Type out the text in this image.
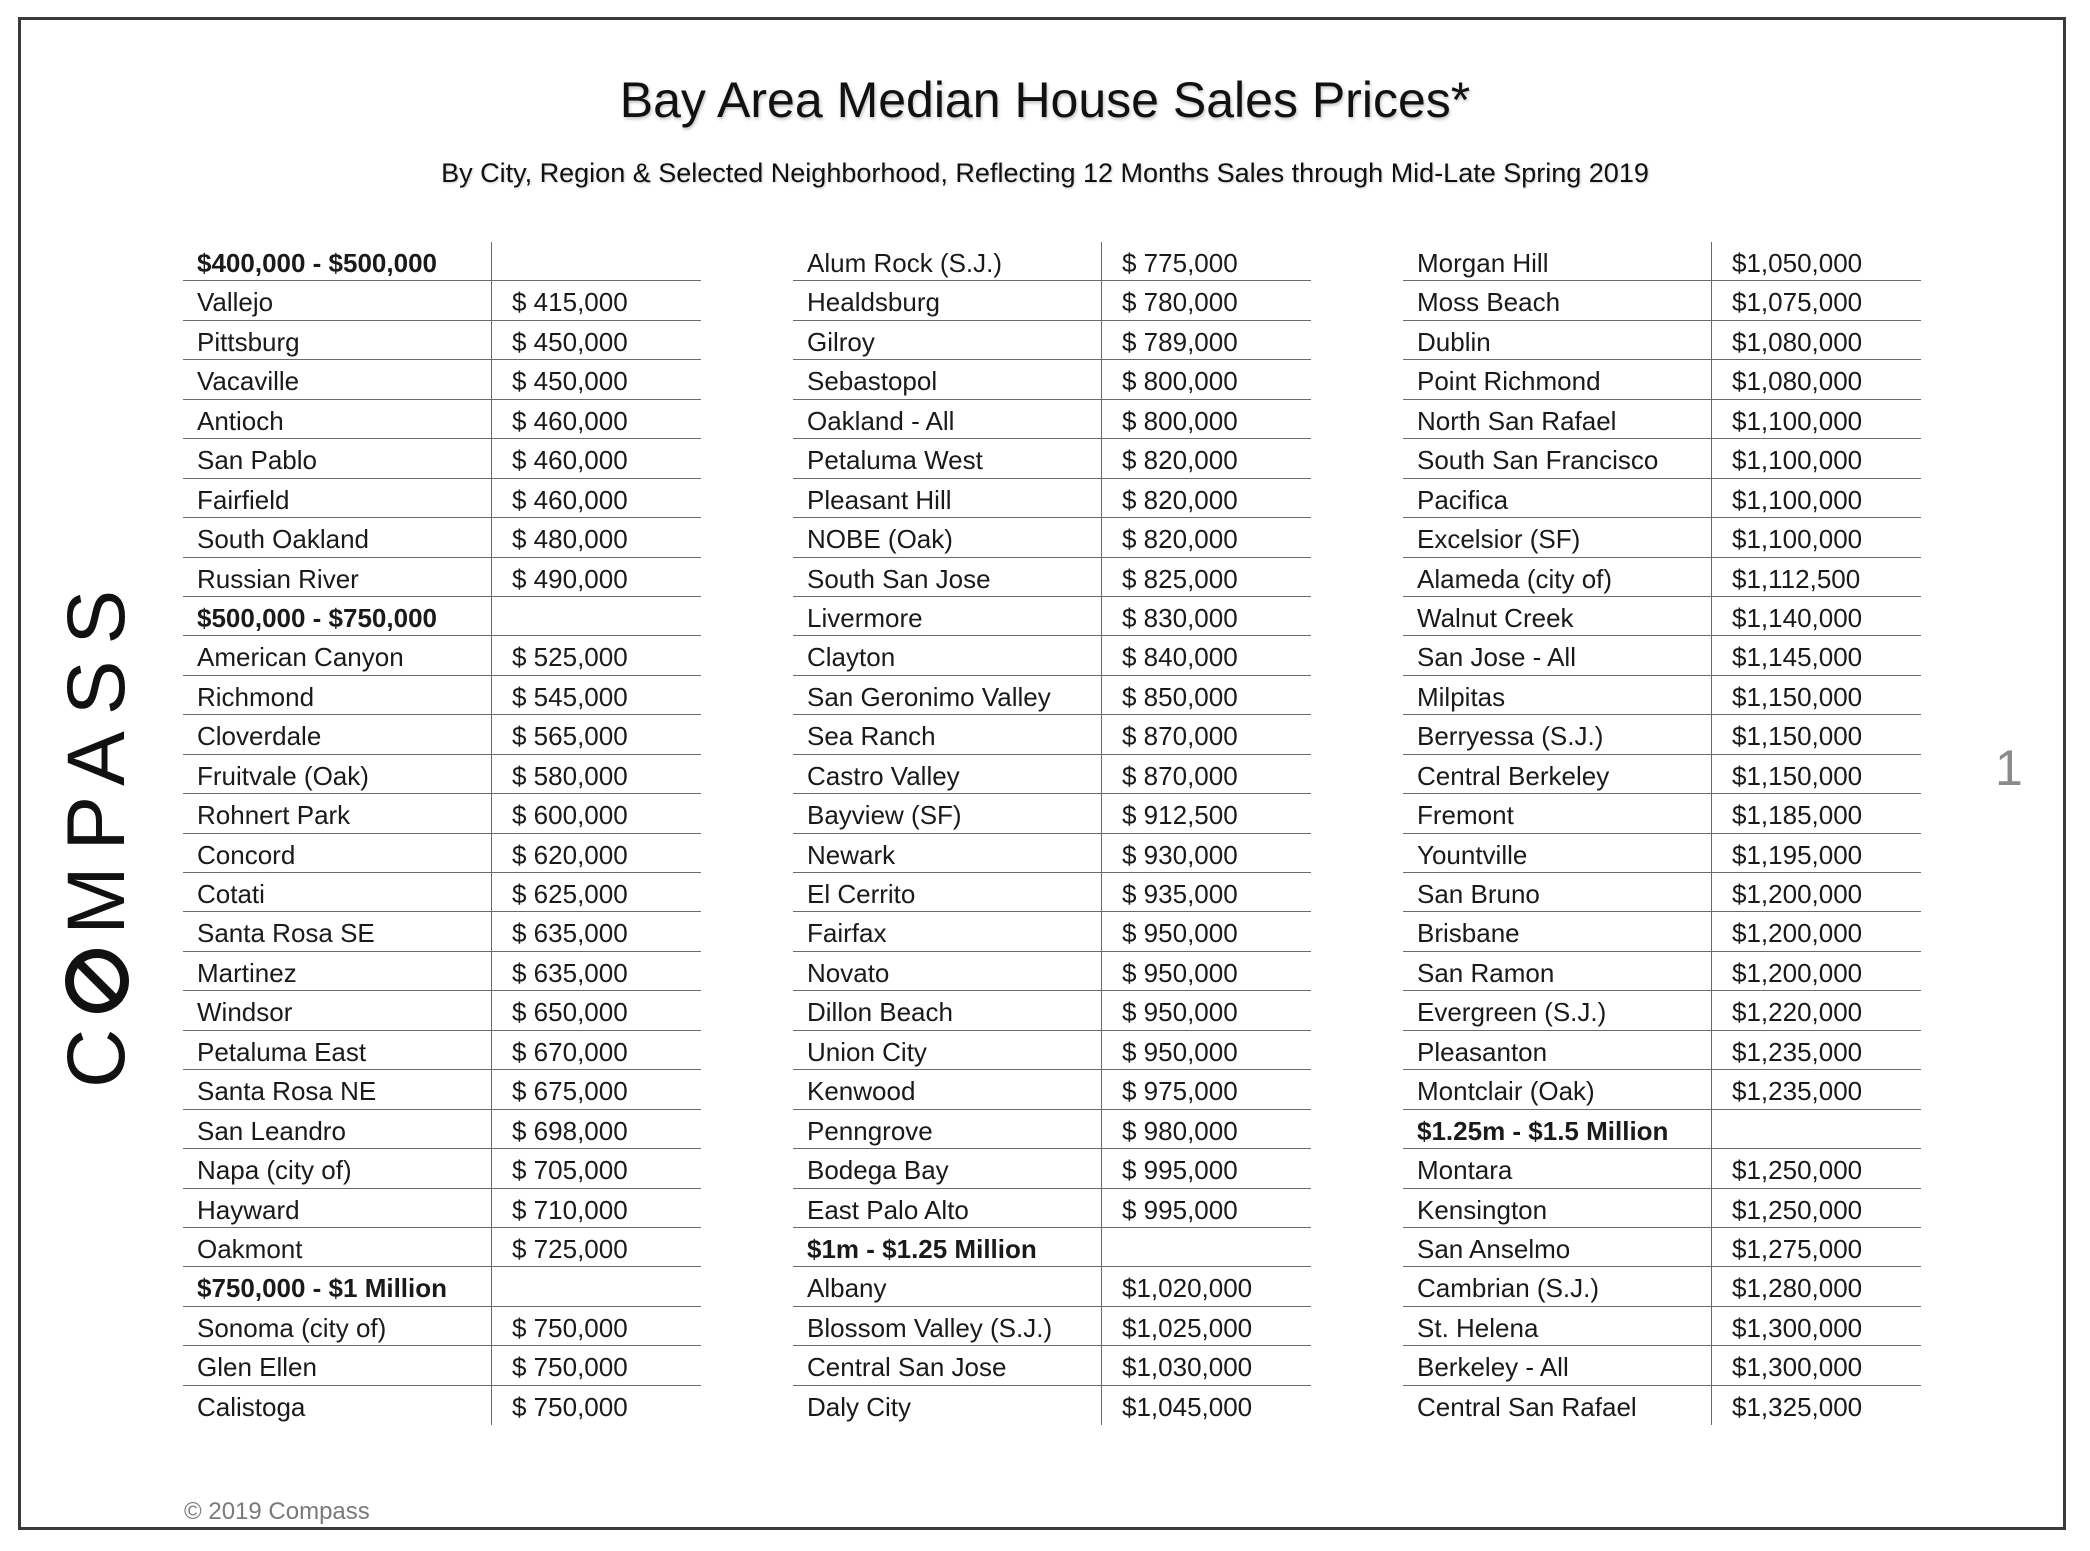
Bay Area Median House Sales Prices*
By City, Region & Selected Neighborhood, Reflecting 12 Months Sales through Mid-Late Spring 2019
CMPASS	1
© 2019 Compass
$400,000 - $500,000
Vallejo	$ 415,000
Pittsburg	$ 450,000
Vacaville	$ 450,000
Antioch	$ 460,000
San Pablo	$ 460,000
Fairfield	$ 460,000
South Oakland	$ 480,000
Russian River	$ 490,000
$500,000 - $750,000
American Canyon	$ 525,000
Richmond	$ 545,000
Cloverdale	$ 565,000
Fruitvale (Oak)	$ 580,000
Rohnert Park	$ 600,000
Concord	$ 620,000
Cotati	$ 625,000
Santa Rosa SE	$ 635,000
Martinez	$ 635,000
Windsor	$ 650,000
Petaluma East	$ 670,000
Santa Rosa NE	$ 675,000
San Leandro	$ 698,000
Napa (city of)	$ 705,000
Hayward	$ 710,000
Oakmont	$ 725,000
$750,000 - $1 Million
Sonoma (city of)	$ 750,000
Glen Ellen	$ 750,000
Calistoga	$ 750,000
Alum Rock (S.J.)	$ 775,000
Healdsburg	$ 780,000
Gilroy	$ 789,000
Sebastopol	$ 800,000
Oakland - All	$ 800,000
Petaluma West	$ 820,000
Pleasant Hill	$ 820,000
NOBE (Oak)	$ 820,000
South San Jose	$ 825,000
Livermore	$ 830,000
Clayton	$ 840,000
San Geronimo Valley	$ 850,000
Sea Ranch	$ 870,000
Castro Valley	$ 870,000
Bayview (SF)	$ 912,500
Newark	$ 930,000
El Cerrito	$ 935,000
Fairfax	$ 950,000
Novato	$ 950,000
Dillon Beach	$ 950,000
Union City	$ 950,000
Kenwood	$ 975,000
Penngrove	$ 980,000
Bodega Bay	$ 995,000
East Palo Alto	$ 995,000
$1m - $1.25 Million
Albany	$1,020,000
Blossom Valley (S.J.)	$1,025,000
Central San Jose	$1,030,000
Daly City	$1,045,000
Morgan Hill	$1,050,000
Moss Beach	$1,075,000
Dublin	$1,080,000
Point Richmond	$1,080,000
North San Rafael	$1,100,000
South San Francisco	$1,100,000
Pacifica	$1,100,000
Excelsior (SF)	$1,100,000
Alameda (city of)	$1,112,500
Walnut Creek	$1,140,000
San Jose - All	$1,145,000
Milpitas	$1,150,000
Berryessa (S.J.)	$1,150,000
Central Berkeley	$1,150,000
Fremont	$1,185,000
Yountville	$1,195,000
San Bruno	$1,200,000
Brisbane	$1,200,000
San Ramon	$1,200,000
Evergreen (S.J.)	$1,220,000
Pleasanton	$1,235,000
Montclair (Oak)	$1,235,000
$1.25m - $1.5 Million
Montara	$1,250,000
Kensington	$1,250,000
San Anselmo	$1,275,000
Cambrian (S.J.)	$1,280,000
St. Helena	$1,300,000
Berkeley - All	$1,300,000
Central San Rafael	$1,325,000
